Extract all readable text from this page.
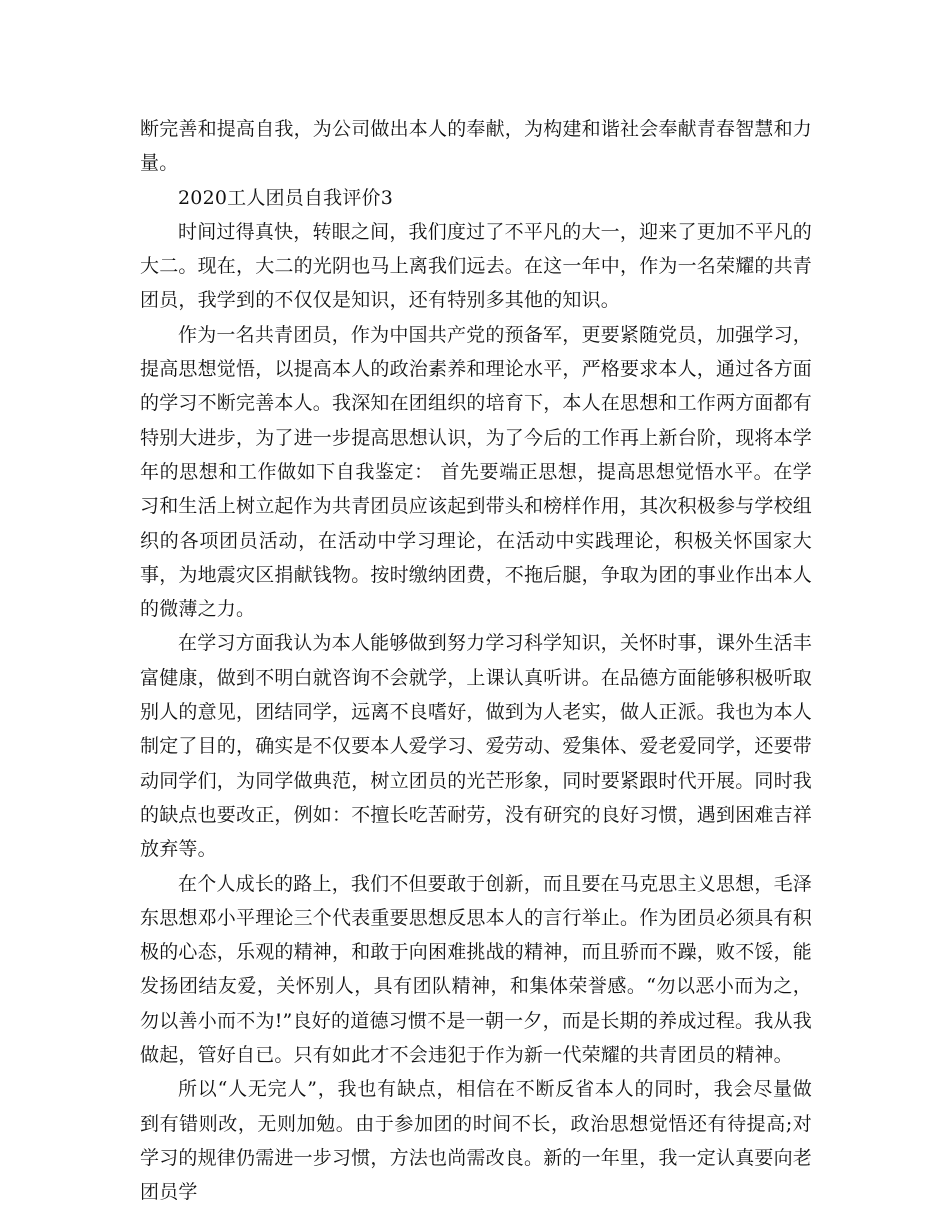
断完善和提高自我，为公司做出本人的奉献，为构建和谐社会奉献青春智慧和力量。

2020工人团员自我评价3

时间过得真快，转眼之间，我们度过了不平凡的大一，迎来了更加不平凡的大二。现在，大二的光阴也马上离我们远去。在这一年中，作为一名荣耀的共青团员，我学到的不仅仅是知识，还有特别多其他的知识。

作为一名共青团员，作为中国共产党的预备军，更要紧随党员，加强学习，提高思想觉悟，以提高本人的政治素养和理论水平，严格要求本人，通过各方面的学习不断完善本人。我深知在团组织的培育下，本人在思想和工作两方面都有特别大进步，为了进一步提高思想认识，为了今后的工作再上新台阶，现将本学年的思想和工作做如下自我鉴定： 首先要端正思想，提高思想觉悟水平。在学习和生活上树立起作为共青团员应该起到带头和榜样作用，其次积极参与学校组织的各项团员活动，在活动中学习理论，在活动中实践理论，积极关怀国家大事，为地震灾区捐献钱物。按时缴纳团费，不拖后腿，争取为团的事业作出本人的微薄之力。

在学习方面我认为本人能够做到努力学习科学知识，关怀时事，课外生活丰富健康，做到不明白就咨询不会就学，上课认真听讲。在品德方面能够积极听取别人的意见，团结同学，远离不良嗜好，做到为人老实，做人正派。我也为本人制定了目的，确实是不仅要本人爱学习、爱劳动、爱集体、爱老爱同学，还要带动同学们，为同学做典范，树立团员的光芒形象，同时要紧跟时代开展。同时我的缺点也要改正，例如：不擅长吃苦耐劳，没有研究的良好习惯，遇到困难吉祥放弃等。

在个人成长的路上，我们不但要敢于创新，而且要在马克思主义思想，毛泽东思想邓小平理论三个代表重要思想反思本人的言行举止。作为团员必须具有积极的心态，乐观的精神，和敢于向困难挑战的精神，而且骄而不躁，败不馁，能发扬团结友爱，关怀别人，具有团队精神，和集体荣誉感。“勿以恶小而为之，勿以善小而不为!”良好的道德习惯不是一朝一夕，而是长期的养成过程。我从我做起，管好自已。只有如此才不会违犯于作为新一代荣耀的共青团员的精神。

所以“人无完人”，我也有缺点，相信在不断反省本人的同时，我会尽量做到有错则改，无则加勉。由于参加团的时间不长，政治思想觉悟还有待提高;对学习的规律仍需进一步习惯，方法也尚需改良。新的一年里，我一定认真要向老团员学
